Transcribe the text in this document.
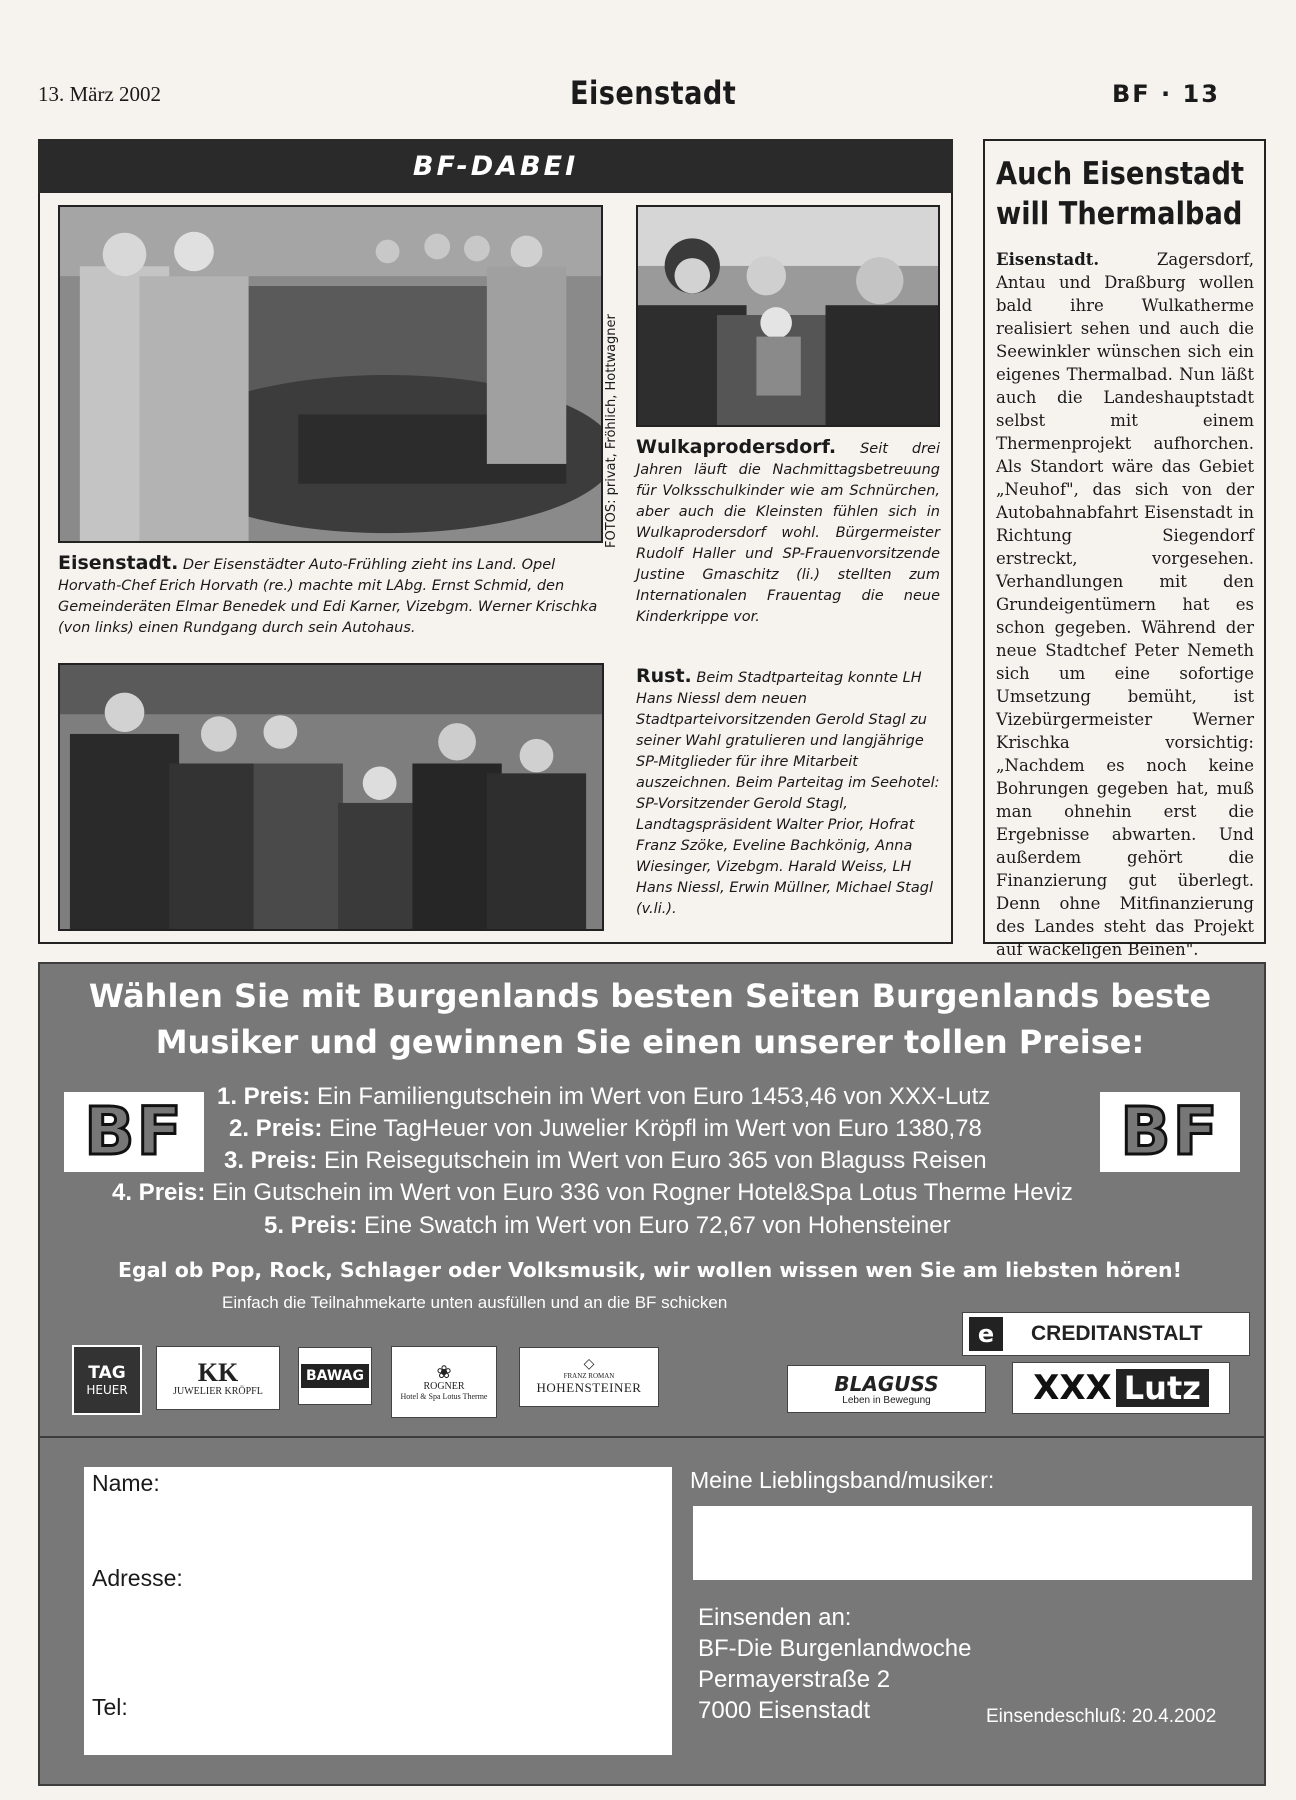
13. März 2002	Eisenstadt	BF · 13
BF-DABEI
FOTOS: privat, Fröhlich, Hottwagner
Eisenstadt. Der Eisenstädter Auto-Frühling zieht ins Land. Opel Horvath-Chef Erich Horvath (re.) machte mit LAbg. Ernst Schmid, den Gemeinderäten Elmar Benedek und Edi Karner, Vizebgm. Werner Krischka (von links) einen Rundgang durch sein Autohaus.
Wulkaprodersdorf. Seit drei Jahren läuft die Nachmittagsbetreuung für Volksschulkinder wie am Schnürchen, aber auch die Kleinsten fühlen sich in Wulkaprodersdorf wohl. Bürgermeister Rudolf Haller und SP-Frauenvorsitzende Justine Gmaschitz (li.) stellten zum Internationalen Frauentag die neue Kinderkrippe vor.
Rust. Beim Stadtparteitag konnte LH Hans Niessl dem neuen Stadtparteivorsitzenden Gerold Stagl zu seiner Wahl gratulieren und langjährige SP-Mitglieder für ihre Mitarbeit auszeichnen. Beim Parteitag im Seehotel: SP-Vorsitzender Gerold Stagl, Landtagspräsident Walter Prior, Hofrat Franz Szöke, Eveline Bachkönig, Anna Wiesinger, Vizebgm. Harald Weiss, LH Hans Niessl, Erwin Müllner, Michael Stagl (v.li.).
Auch Eisenstadt will Thermalbad
Eisenstadt. Zagersdorf, Antau und Draßburg wollen bald ihre Wulkatherme realisiert sehen und auch die Seewinkler wünschen sich ein eigenes Thermalbad. Nun läßt auch die Landeshauptstadt selbst mit einem Thermenprojekt aufhorchen. Als Standort wäre das Gebiet „Neuhof", das sich von der Autobahnabfahrt Eisenstadt in Richtung Siegendorf erstreckt, vorgesehen. Verhandlungen mit den Grundeigentümern hat es schon gegeben. Während der neue Stadtchef Peter Nemeth sich um eine sofortige Umsetzung bemüht, ist Vizebürgermeister Werner Krischka vorsichtig: „Nachdem es noch keine Bohrungen gegeben hat, muß man ohnehin erst die Ergebnisse abwarten. Und außerdem gehört die Finanzierung gut überlegt. Denn ohne Mitfinanzierung des Landes steht das Projekt auf wackeligen Beinen".
Wählen Sie mit Burgenlands besten Seiten Burgenlands beste
Musiker und gewinnen Sie einen unserer tollen Preise:
BF	BF
1. Preis: Ein Familiengutschein im Wert von Euro 1453,46 von XXX-Lutz
2. Preis: Eine TagHeuer von Juwelier Kröpfl im Wert von Euro 1380,78
3. Preis: Ein Reisegutschein im Wert von Euro 365 von Blaguss Reisen
4. Preis: Ein Gutschein im Wert von Euro 336 von Rogner Hotel&Spa Lotus Therme Heviz
5. Preis: Eine Swatch im Wert von Euro 72,67 von Hohensteiner
Egal ob Pop, Rock, Schlager oder Volksmusik, wir wollen wissen wen Sie am liebsten hören!
Einfach die Teilnahmekarte unten ausfüllen und an die BF schicken
TAG
HEUER
KK
JUWELIER KRÖPFL
BAWAG	❀
ROGNER
Hotel & Spa Lotus Therme
◇
FRANZ ROMAN
HOHENSTEINER
e	CREDITANSTALT
BLAGUSS
Leben in Bewegung	XXX Lutz
Name:
Adresse:
Tel:
Meine Lieblingsband/musiker:
Einsenden an:
BF-Die Burgenlandwoche
Permayerstraße 2
7000 Eisenstadt	Einsendeschluß: 20.4.2002
